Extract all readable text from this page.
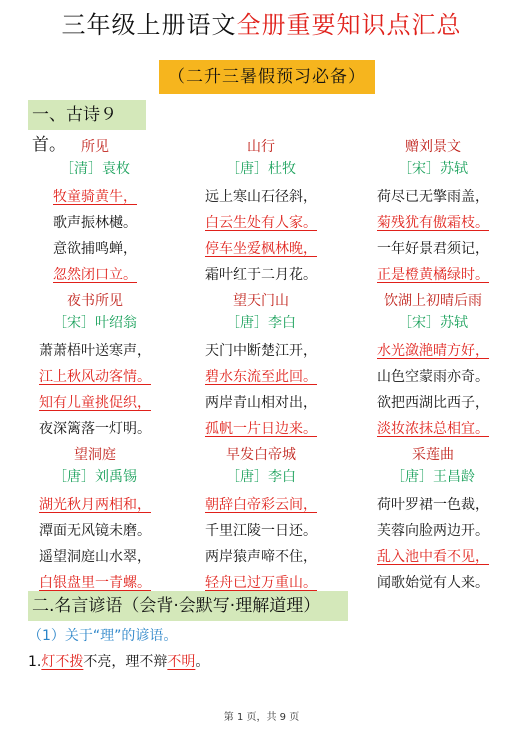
三年级上册语文全册重要知识点汇总
（二升三暑假预习必备）
一、古诗９首。	所见
［清］袁枚
牧童骑黄牛，
歌声振林樾。
意欲捕鸣蝉，
忽然闭口立。
山行
［唐］杜牧
远上寒山石径斜，
白云生处有人家。
停车坐爱枫林晚，
霜叶红于二月花。
赠刘景文
［宋］苏轼
荷尽已无擎雨盖，
菊残犹有傲霜枝。
一年好景君须记，
正是橙黄橘绿时。
夜书所见
［宋］叶绍翁
萧萧梧叶送寒声，
江上秋风动客情。
知有儿童挑促织，
夜深篱落一灯明。
望天门山
［唐］李白
天门中断楚江开，
碧水东流至此回。
两岸青山相对出，
孤帆一片日边来。
饮湖上初晴后雨
［宋］苏轼
水光潋滟晴方好，
山色空蒙雨亦奇。
欲把西湖比西子，
淡妆浓抹总相宜。
望洞庭
［唐］刘禹锡
湖光秋月两相和，
潭面无风镜未磨。
遥望洞庭山水翠，
白银盘里一青螺。
早发白帝城
［唐］李白
朝辞白帝彩云间，
千里江陵一日还。
两岸猿声啼不住，
轻舟已过万重山。
采莲曲
［唐］王昌龄
荷叶罗裙一色裁，
芙蓉向脸两边开。
乱入池中看不见，
闻歌始觉有人来。
二.名言谚语（会背·会默写·理解道理）
（1）关于“理”的谚语。
1.灯不拨不亮，理不辩不明。
第 1 页，共 9 页
